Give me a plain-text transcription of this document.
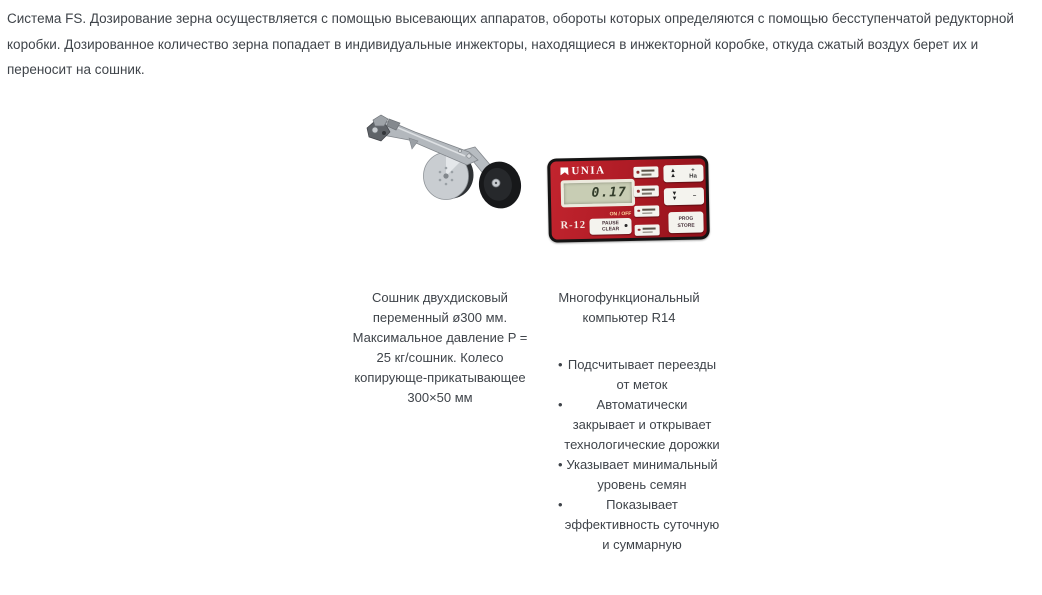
Система FS. Дозирование зерна осуществляется с помощью высевающих аппаратов, обороты которых определяются с помощью бесступенчатой редукторной коробки. Дозированное количество зерна попадает в индивидуальные инжекторы, находящиеся в инжекторной коробке, откуда сжатый воздух берет их и переносит на сошник.

UNIA
0.17
R-12
ON / OFF
PAUSE
CLEAR
▲
▲
+
Ha
▼
▼	−
PROG
STORE
Сошник двухдисковый переменный ø300 мм. Максимальное давление P = 25 кг/сошник. Колесо копирующе-прикатывающее 300×50 мм
Многофункциональный компьютер R14
• Подсчитывает переезды от меток
•	Автоматически закрывает и открывает технологические дорожки
• Указывает минимальный уровень семян
•	Показывает эффективность суточную и суммарную
